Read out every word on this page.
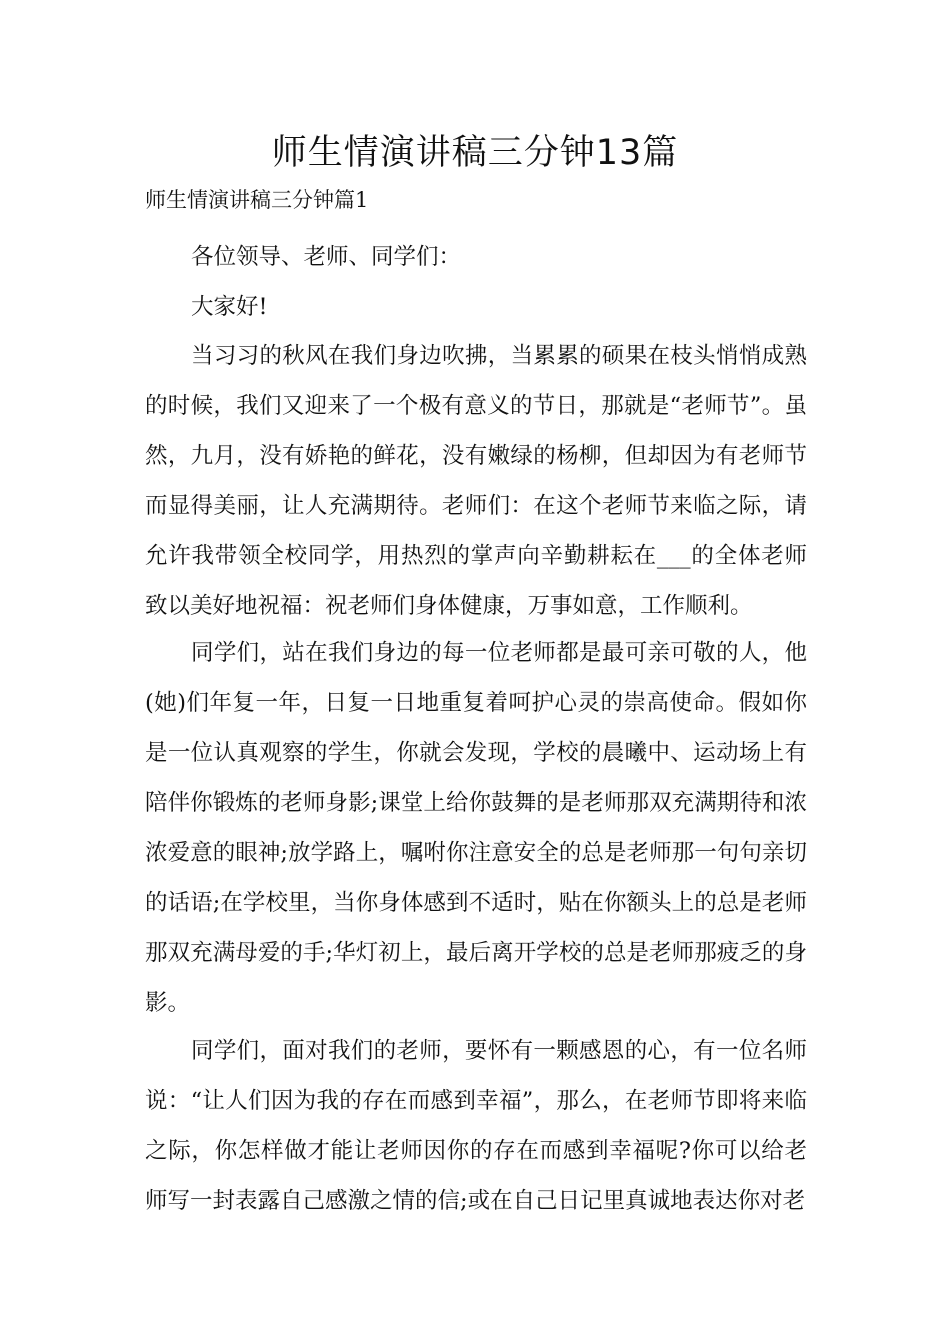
师生情演讲稿三分钟13篇

师生情演讲稿三分钟篇1

各位领导、老师、同学们：

大家好!

当习习的秋风在我们身边吹拂，当累累的硕果在枝头悄悄成熟的时候，我们又迎来了一个极有意义的节日，那就是“老师节”。虽然，九月，没有娇艳的鲜花，没有嫩绿的杨柳，但却因为有老师节而显得美丽，让人充满期待。老师们：在这个老师节来临之际，请允许我带领全校同学，用热烈的掌声向辛勤耕耘在___的全体老师致以美好地祝福：祝老师们身体健康，万事如意，工作顺利。

同学们，站在我们身边的每一位老师都是最可亲可敬的人，他(她)们年复一年，日复一日地重复着呵护心灵的崇高使命。假如你是一位认真观察的学生，你就会发现，学校的晨曦中、运动场上有陪伴你锻炼的老师身影;课堂上给你鼓舞的是老师那双充满期待和浓浓爱意的眼神;放学路上，嘱咐你注意安全的总是老师那一句句亲切的话语;在学校里，当你身体感到不适时，贴在你额头上的总是老师那双充满母爱的手;华灯初上，最后离开学校的总是老师那疲乏的身影。

同学们，面对我们的老师，要怀有一颗感恩的心，有一位名师说：“让人们因为我的存在而感到幸福”，那么，在老师节即将来临之际，你怎样做才能让老师因你的存在而感到幸福呢?你可以给老师写一封表露自己感激之情的信;或在自己日记里真诚地表达你对老
